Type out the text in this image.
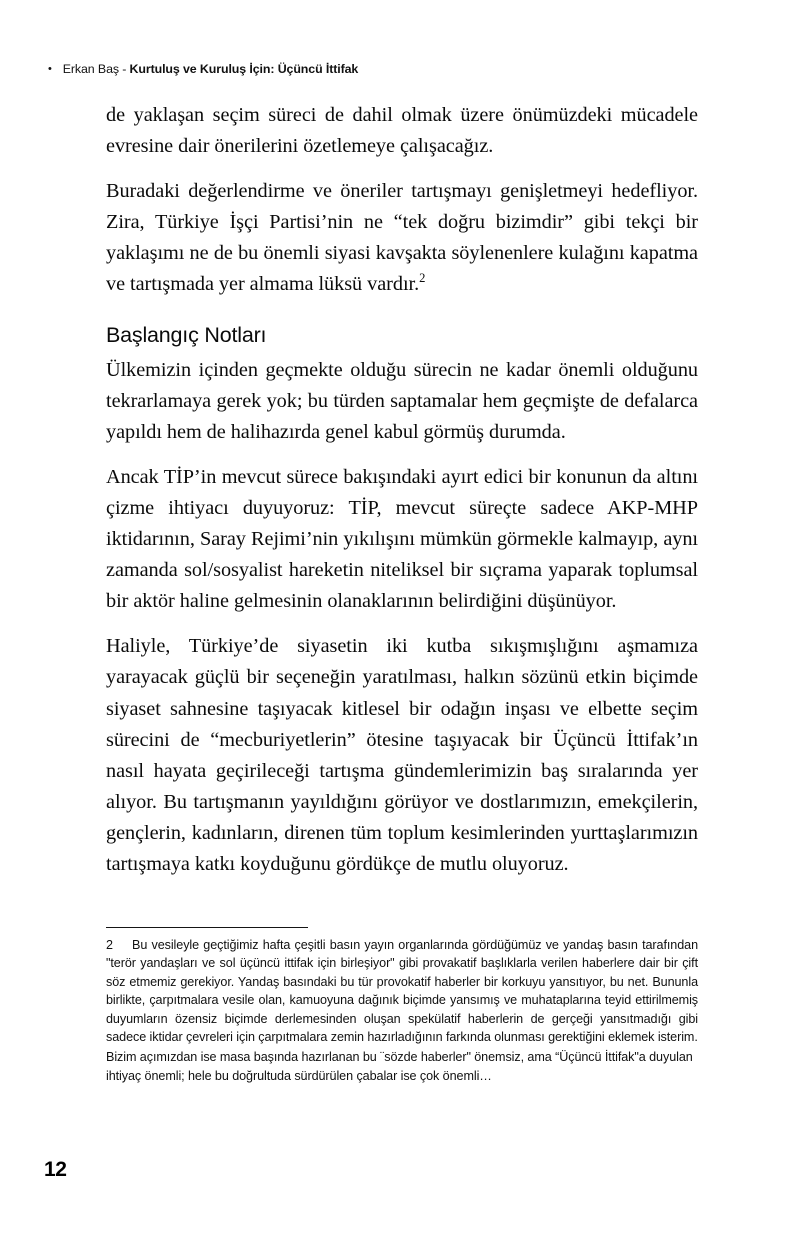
• Erkan Baş - Kurtuluş ve Kuruluş İçin: Üçüncü İttifak

de yaklaşan seçim süreci de dahil olmak üzere önümüzdeki mücadele evresine dair önerilerini özetlemeye çalışacağız.

Buradaki değerlendirme ve öneriler tartışmayı genişletmeyi hedefliyor. Zira, Türkiye İşçi Partisi’nin ne “tek doğru bizimdir” gibi tekçi bir yaklaşımı ne de bu önemli siyasi kavşakta söylenenlere kulağını kapatma ve tartışmada yer almama lüksü vardır.$^2$

Başlangıç Notları

Ülkemizin içinden geçmekte olduğu sürecin ne kadar önemli olduğunu tekrarlamaya gerek yok; bu türden saptamalar hem geçmişte de defalarca yapıldı hem de halihazırda genel kabul görmüş durumda.

Ancak TİP’in mevcut sürece bakışındaki ayırt edici bir konunun da altını çizme ihtiyacı duyuyoruz: TİP, mevcut süreçte sadece AKP-MHP iktidarının, Saray Rejimi’nin yıkılışını mümkün görmekle kalmayıp, aynı zamanda sol/sosyalist hareketin niteliksel bir sıçrama yaparak toplumsal bir aktör haline gelmesinin olanaklarının belirdiğini düşünüyor.

Haliyle, Türkiye’de siyasetin iki kutba sıkışmışlığını aşmamıza yarayacak güçlü bir seçeneğin yaratılması, halkın sözünü etkin biçimde siyaset sahnesine taşıyacak kitlesel bir odağın inşası ve elbette seçim sürecini de “mecburiyetlerin” ötesine taşıyacak bir Üçüncü İttifak’ın nasıl hayata geçirileceği tartışma gündemlerimizin baş sıralarında yer alıyor. Bu tartışmanın yayıldığını görüyor ve dostlarımızın, emekçilerin, gençlerin, kadınların, direnen tüm toplum kesimlerinden yurttaşlarımızın tartışmaya katkı koyduğunu gördükçe de mutlu oluyoruz.

2 Bu vesileyle geçtiğimiz hafta çeşitli basın yayın organlarında gördüğümüz ve yandaş basın tarafından "terör yandaşları ve sol üçüncü ittifak için birleşiyor" gibi provakatif başlıklarla verilen haberlere dair bir çift söz etmemiz gerekiyor. Yandaş basındaki bu tür provokatif haberler bir korkuyu yansıtıyor, bu net. Bununla birlikte, çarpıtmalara vesile olan, kamuoyuna dağınık biçimde yansımış ve muhataplarına teyid ettirilmemiş duyumların özensiz biçimde derlemesinden oluşan spekülatif haberlerin de gerçeği yansıtmadığı gibi sadece iktidar çevreleri için çarpıtmalara zemin hazırladığının farkında olunması gerektiğini eklemek isterim.

Bizim açımızdan ise masa başında hazırlanan bu ¨sözde haberler" önemsiz, ama “Üçüncü İttifak"a duyulan ihtiyaç önemli; hele bu doğrultuda sürdürülen çabalar ise çok önemli…

12
